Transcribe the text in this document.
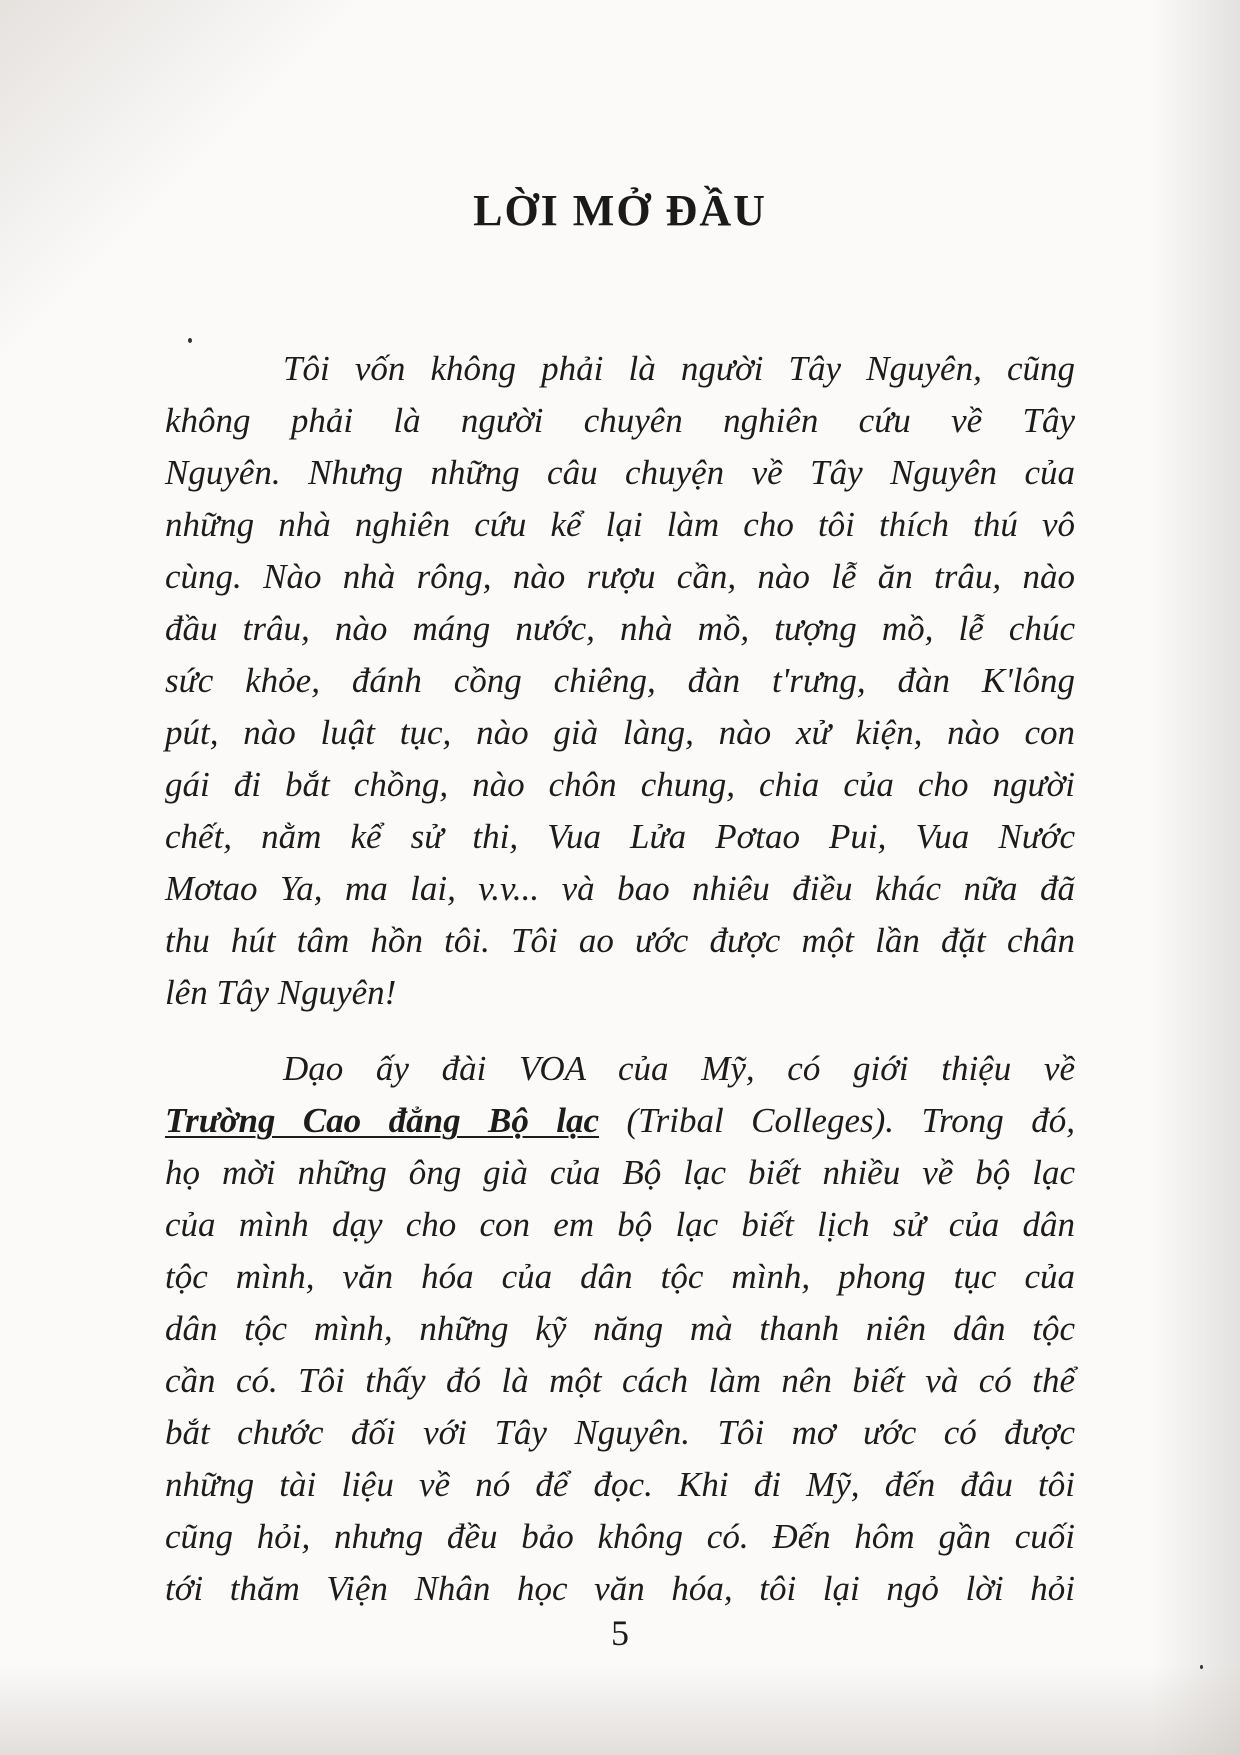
LỜI MỞ ĐẦU
Tôi vốn không phải là người Tây Nguyên, cũng
không phải là người chuyên nghiên cứu về Tây
Nguyên. Nhưng những câu chuyện về Tây Nguyên của
những nhà nghiên cứu kể lại làm cho tôi thích thú vô
cùng. Nào nhà rông, nào rượu cần, nào lễ ăn trâu, nào
đầu trâu, nào máng nước, nhà mồ, tượng mồ, lễ chúc
sức khỏe, đánh cồng chiêng, đàn t'rưng, đàn K'lông
pút, nào luật tục, nào già làng, nào xử kiện, nào con
gái đi bắt chồng, nào chôn chung, chia của cho người
chết, nằm kể sử thi, Vua Lửa Pơtao Pui, Vua Nước
Mơtao Ya, ma lai, v.v... và bao nhiêu điều khác nữa đã
thu hút tâm hồn tôi. Tôi ao ước được một lần đặt chân
lên Tây Nguyên!
Dạo ấy đài VOA của Mỹ, có giới thiệu về
Trường Cao đẳng Bộ lạc (Tribal Colleges). Trong đó,
họ mời những ông già của Bộ lạc biết nhiều về bộ lạc
của mình dạy cho con em bộ lạc biết lịch sử của dân
tộc mình, văn hóa của dân tộc mình, phong tục của
dân tộc mình, những kỹ năng mà thanh niên dân tộc
cần có. Tôi thấy đó là một cách làm nên biết và có thể
bắt chước đối với Tây Nguyên. Tôi mơ ước có được
những tài liệu về nó để đọc. Khi đi Mỹ, đến đâu tôi
cũng hỏi, nhưng đều bảo không có. Đến hôm gần cuối
tới thăm Viện Nhân học văn hóa, tôi lại ngỏ lời hỏi
5
